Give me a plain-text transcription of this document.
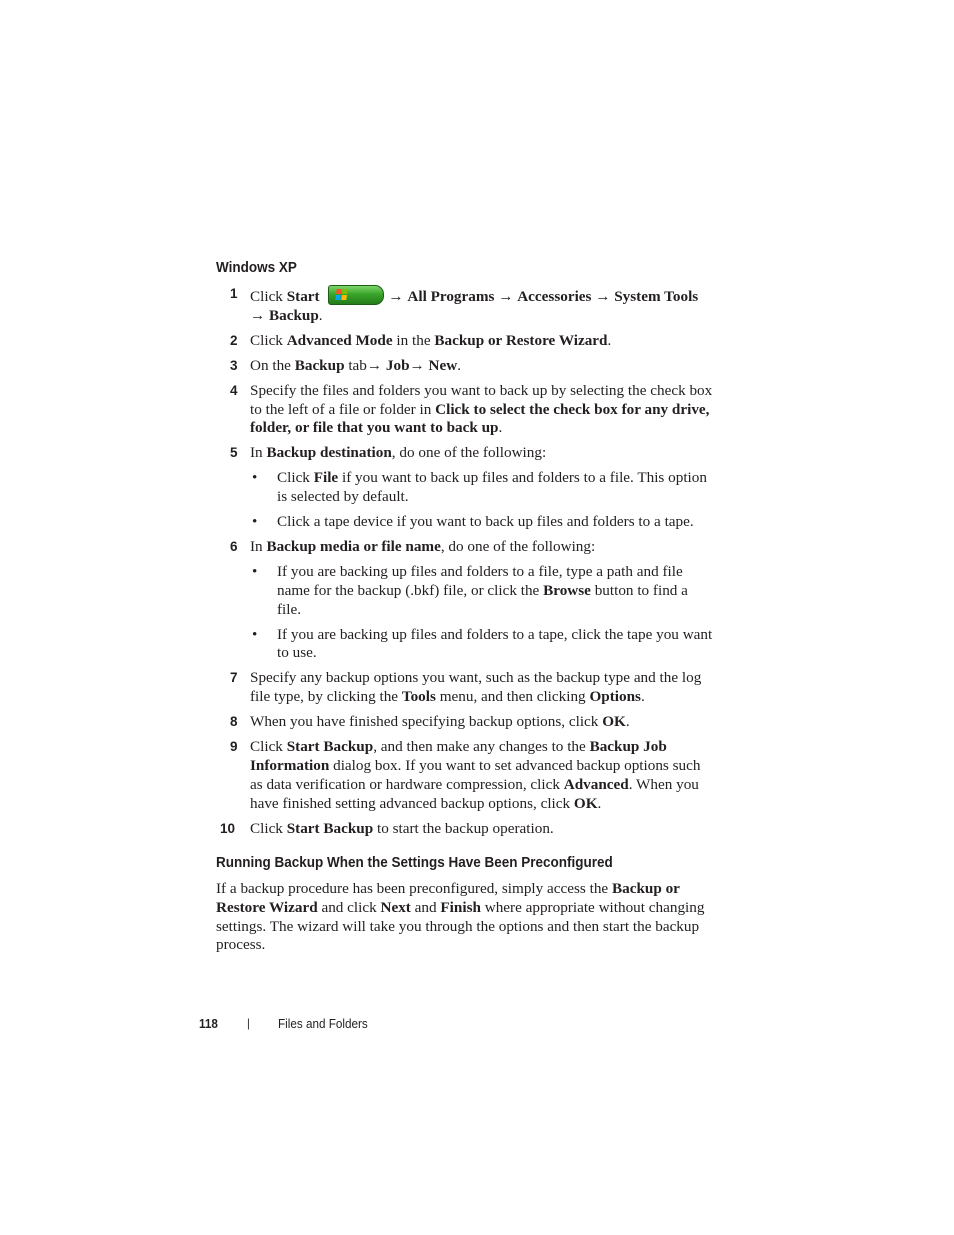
Windows XP
1 Click Start	→ All Programs → Accessories → System Tools → Backup.
2 Click Advanced Mode in the Backup or Restore Wizard.
3 On the Backup tab→ Job→ New.
4 Specify the files and folders you want to back up by selecting the check box to the left of a file or folder in Click to select the check box for any drive, folder, or file that you want to back up.
5 In Backup destination, do one of the following:
•	Click File if you want to back up files and folders to a file. This option is selected by default.
•	Click a tape device if you want to back up files and folders to a tape.
6 In Backup media or file name, do one of the following:
•	If you are backing up files and folders to a file, type a path and file name for the backup (.bkf) file, or click the Browse button to find a file.
•	If you are backing up files and folders to a tape, click the tape you want to use.
7 Specify any backup options you want, such as the backup type and the log file type, by clicking the Tools menu, and then clicking Options.
8 When you have finished specifying backup options, click OK.
9 Click Start Backup, and then make any changes to the Backup Job Information dialog box. If you want to set advanced backup options such as data verification or hardware compression, click Advanced. When you have finished setting advanced backup options, click OK.
10 Click Start Backup to start the backup operation.
Running Backup When the Settings Have Been Preconfigured
If a backup procedure has been preconfigured, simply access the Backup or Restore Wizard and click Next and Finish where appropriate without changing settings. The wizard will take you through the options and then start the backup process.
118 | Files and Folders
